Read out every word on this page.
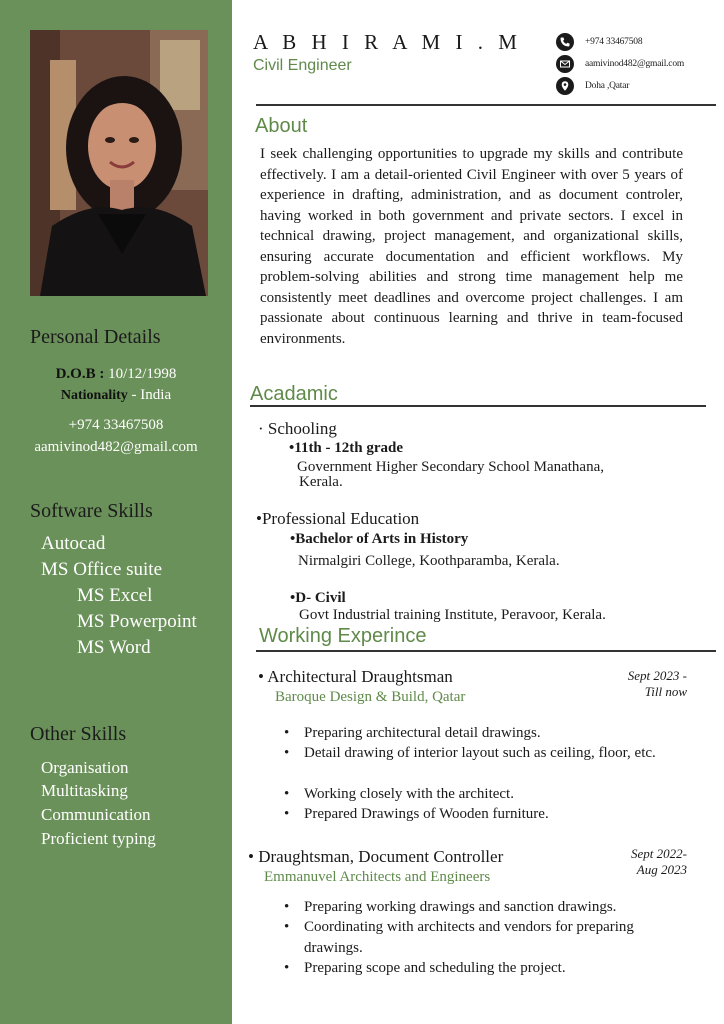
Personal Details
D.O.B : 10/12/1998
Nationality - India
+974 33467508
aamivinod482@gmail.com
Software Skills
Autocad
MS Office suite
MS Excel
MS Powerpoint
MS Word
Other Skills
Organisation
Multitasking
Communication
Proficient typing
A B H I R A M I . M
Civil Engineer
+974 33467508
aamivinod482@gmail.com
Doha ,Qatar
About
I seek challenging opportunities to upgrade my skills and contribute effectively. I am a detail-oriented Civil Engineer with over 5 years of experience in drafting, administration, and as document controler, having worked in both government and private sectors. I excel in technical drawing, project management, and organizational skills, ensuring accurate documentation and efficient workflows. My problem-solving abilities and strong time management help me consistently meet deadlines and overcome project challenges. I am passionate about continuous learning and thrive in team-focused environments.
Acadamic
· Schooling
•11th - 12th grade
Government Higher Secondary School Manathana,
Kerala.
•Professional Education
•Bachelor of Arts in History
Nirmalgiri College, Koothparamba, Kerala.
•D- Civil
Govt Industrial training Institute, Peravoor, Kerala.
Working Experince
• Architectural Draughtsman
Baroque Design & Build, Qatar
Sept 2023 -
Till now
• Preparing architectural detail drawings.
• Detail drawing of interior layout such as ceiling, floor, etc.
• Working closely with the architect.
• Prepared Drawings of Wooden furniture.
• Draughtsman, Document Controller
Emmanuvel Architects and Engineers
Sept 2022-
Aug 2023
• Preparing working drawings and sanction drawings.
• Coordinating with architects and vendors for preparing drawings.
• Preparing scope and scheduling the project.
